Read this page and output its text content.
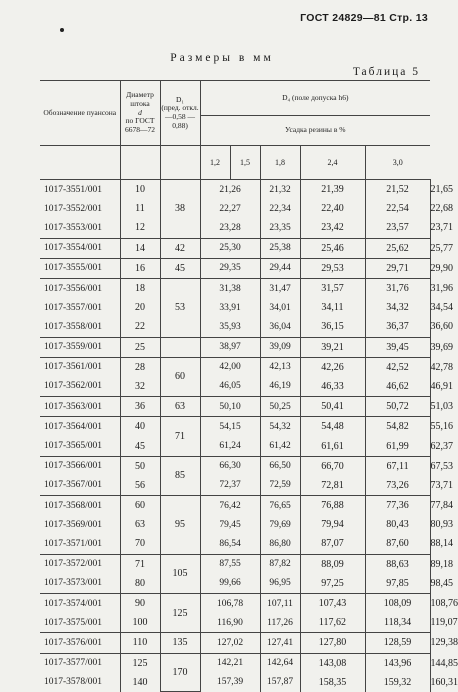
ГОСТ 24829—81 Стр. 13
Размеры в мм
Таблица 5
Обозначение пуансона	Диаметр штока
d
по ГОСТ 6678—72	D₁
(пред. откл. —0,58 —0,88)	D₄ (поле допуска h6)					
			Усадка резины в %					
			1,2	1,5	1,8	2,4	3,0	
1017-3551/001	10	38	21,26		21,32	21,39	21,52	21,65
1017-3552/001	11		22,27		22,34	22,40	22,54	22,68
1017-3553/001	12		23,28		23,35	23,42	23,57	23,71
1017-3554/001	14	42	25,30		25,38	25,46	25,62	25,77
1017-3555/001	16	45	29,35		29,44	29,53	29,71	29,90
1017-3556/001	18	53	31,38		31,47	31,57	31,76	31,96
1017-3557/001	20		33,91		34,01	34,11	34,32	34,54
1017-3558/001	22		35,93		36,04	36,15	36,37	36,60
1017-3559/001	25		38,97		39,09	39,21	39,45	39,69
1017-3561/001	28	60	42,00		42,13	42,26	42,52	42,78
1017-3562/001	32		46,05		46,19	46,33	46,62	46,91
1017-3563/001	36	63	50,10		50,25	50,41	50,72	51,03
1017-3564/001	40	71	54,15		54,32	54,48	54,82	55,16
1017-3565/001	45		61,24		61,42	61,61	61,99	62,37
1017-3566/001	50	85	66,30		66,50	66,70	67,11	67,53
1017-3567/001	56		72,37		72,59	72,81	73,26	73,71
1017-3568/001	60	95	76,42		76,65	76,88	77,36	77,84
1017-3569/001	63		79,45		79,69	79,94	80,43	80,93
1017-3571/001	70		86,54		86,80	87,07	87,60	88,14
1017-3572/001	71	105	87,55		87,82	88,09	88,63	89,18
1017-3573/001	80		99,66		96,95	97,25	97,85	98,45
1017-3574/001	90	125	106,78		107,11	107,43	108,09	108,76
1017-3575/001	100		116,90		117,26	117,62	118,34	119,07
1017-3576/001	110	135	127,02		127,41	127,80	128,59	129,38
1017-3577/001	125	170	142,21		142,64	143,08	143,96	144,85
1017-3578/001	140		157,39		157,87	158,35	159,32	160,31
